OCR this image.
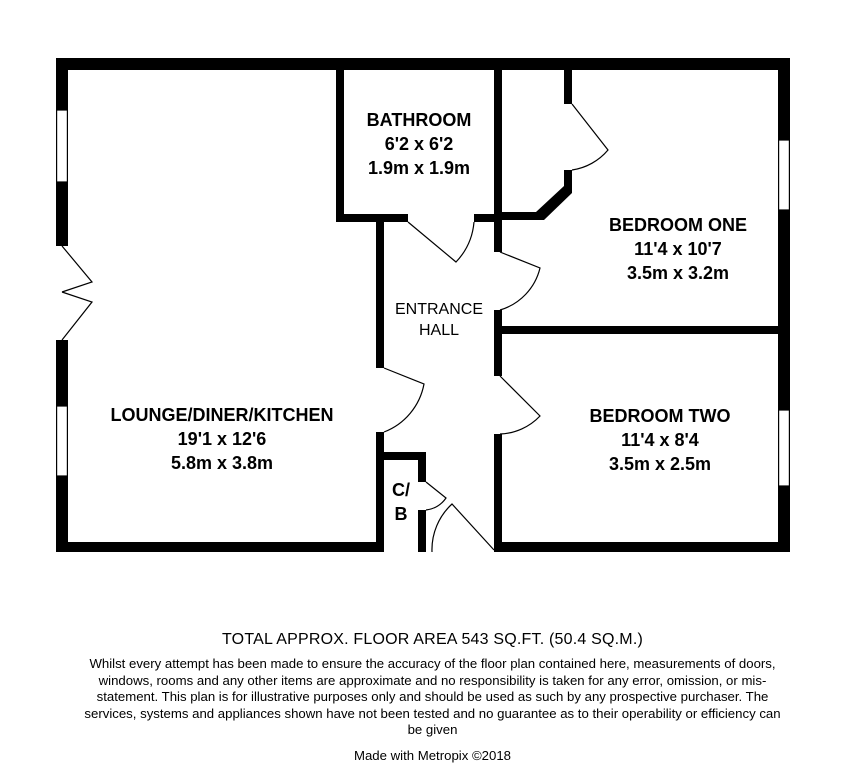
BATHROOM
6'2 x 6'2
1.9m x 1.9m
BEDROOM ONE
11'4 x 10'7
3.5m x 3.2m
ENTRANCE
HALL
LOUNGE/DINER/KITCHEN
19'1 x 12'6
5.8m x 3.8m
BEDROOM TWO
11'4 x 8'4
3.5m x 2.5m
C/
B
TOTAL APPROX. FLOOR AREA 543 SQ.FT. (50.4 SQ.M.)
Whilst every attempt has been made to ensure the accuracy of the floor plan contained here, measurements of doors, windows, rooms and any other items are approximate and no responsibility is taken for any error, omission, or mis-statement. This plan is for illustrative purposes only and should be used as such by any prospective purchaser. The services, systems and appliances shown have not been tested and no guarantee as to their operability or efficiency can be given
Made with Metropix ©2018
